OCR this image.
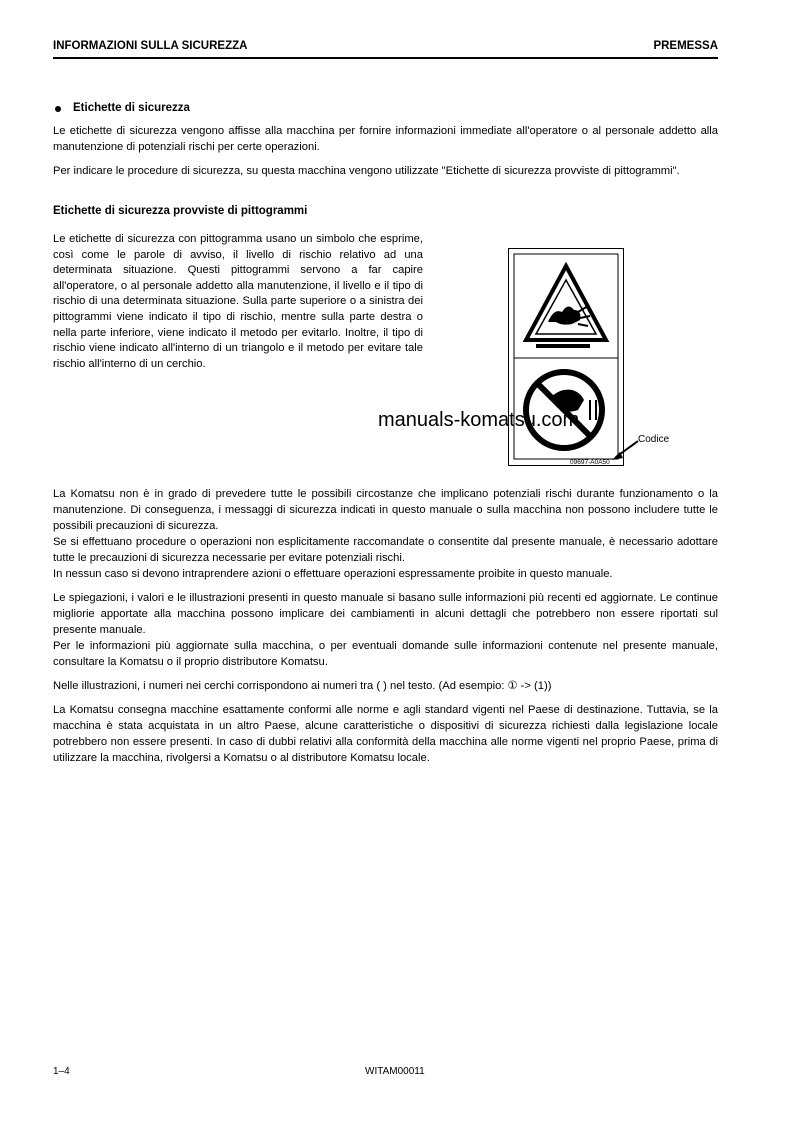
INFORMAZIONI SULLA SICUREZZA	PREMESSA
Etichette di sicurezza
Le etichette di sicurezza vengono affisse alla macchina per fornire informazioni immediate all'operatore o al personale addetto alla manutenzione di potenziali rischi per certe operazioni.
Per indicare le procedure di sicurezza, su questa macchina vengono utilizzate "Etichette di sicurezza provviste di pittogrammi".
Etichette di sicurezza provviste di pittogrammi
Le etichette di sicurezza con pittogramma usano un simbolo che esprime, così come le parole di avviso, il livello di rischio relativo ad una determinata situazione. Questi pittogrammi servono a far capire all'operatore, o al personale addetto alla manutenzione, il livello e il tipo di rischio di una determinata situazione. Sulla parte superiore o a sinistra dei pittogrammi viene indicato il tipo di rischio, mentre sulla parte destra o nella parte inferiore, viene indicato il metodo per evitarlo. Inoltre, il tipo di rischio viene indicato all'interno di un triangolo e il metodo per evitare tale rischio all'interno di un cerchio.
09697-A0A50
Codice
manuals-komatsu.com
La Komatsu non è in grado di prevedere tutte le possibili circostanze che implicano potenziali rischi durante funzionamento o la manutenzione. Di conseguenza, i messaggi di sicurezza indicati in questo manuale o sulla macchina non possono includere tutte le possibili precauzioni di sicurezza.
Se si effettuano procedure o operazioni non esplicitamente raccomandate o consentite dal presente manuale, è necessario adottare tutte le precauzioni di sicurezza necessarie per evitare potenziali rischi.
In nessun caso si devono intraprendere azioni o effettuare operazioni espressamente proibite in questo manuale.
Le spiegazioni, i valori e le illustrazioni presenti in questo manuale si basano sulle informazioni più recenti ed aggiornate. Le continue migliorie apportate alla macchina possono implicare dei cambiamenti in alcuni dettagli che potrebbero non essere riportati sul presente manuale.
Per le informazioni più aggiornate sulla macchina, o per eventuali domande sulle informazioni contenute nel presente manuale, consultare la Komatsu o il proprio distributore Komatsu.
Nelle illustrazioni, i numeri nei cerchi corrispondono ai numeri tra ( ) nel testo. (Ad esempio: ① -> (1))
La Komatsu consegna macchine esattamente conformi alle norme e agli standard vigenti nel Paese di destinazione. Tuttavia, se la macchina è stata acquistata in un altro Paese, alcune caratteristiche o dispositivi di sicurezza richiesti dalla legislazione locale potrebbero non essere presenti. In caso di dubbi relativi alla conformità della macchina alle norme vigenti nel proprio Paese, prima di utilizzare la macchina, rivolgersi a Komatsu o al distributore Komatsu locale.
1–4	WITAM00011
